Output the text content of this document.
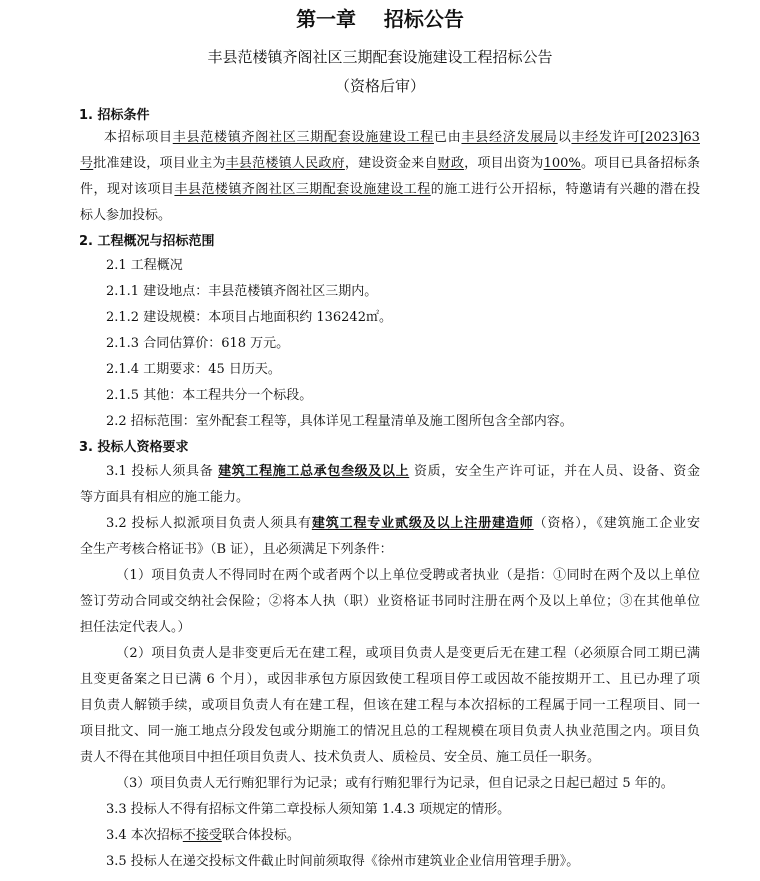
第一章    招标公告
丰县范楼镇齐阁社区三期配套设施建设工程招标公告
（资格后审）
1. 招标条件
本招标项目丰县范楼镇齐阁社区三期配套设施建设工程已由丰县经济发展局以丰经发许可[2023]63
号批准建设，项目业主为丰县范楼镇人民政府，建设资金来自财政，项目出资为100%。项目已具备招标条
件，现对该项目丰县范楼镇齐阁社区三期配套设施建设工程的施工进行公开招标，特邀请有兴趣的潜在投
标人参加投标。
2. 工程概况与招标范围
2.1 工程概况
2.1.1 建设地点：丰县范楼镇齐阁社区三期内。
2.1.2 建设规模：本项目占地面积约 136242㎡。
2.1.3 合同估算价：618 万元。
2.1.4 工期要求：45 日历天。
2.1.5 其他：本工程共分一个标段。
2.2 招标范围：室外配套工程等，具体详见工程量清单及施工图所包含全部内容。
3. 投标人资格要求
3.1 投标人须具备 建筑工程施工总承包叁级及以上 资质，安全生产许可证，并在人员、设备、资金
等方面具有相应的施工能力。
3.2 投标人拟派项目负责人须具有建筑工程专业贰级及以上注册建造师（资格），《建筑施工企业安
全生产考核合格证书》（B 证），且必须满足下列条件：
（1）项目负责人不得同时在两个或者两个以上单位受聘或者执业（是指：①同时在两个及以上单位
签订劳动合同或交纳社会保险；②将本人执（职）业资格证书同时注册在两个及以上单位；③在其他单位
担任法定代表人。）
（2）项目负责人是非变更后无在建工程，或项目负责人是变更后无在建工程（必须原合同工期已满
且变更备案之日已满 6 个月），或因非承包方原因致使工程项目停工或因故不能按期开工、且已办理了项
目负责人解锁手续，或项目负责人有在建工程，但该在建工程与本次招标的工程属于同一工程项目、同一
项目批文、同一施工地点分段发包或分期施工的情况且总的工程规模在项目负责人执业范围之内。项目负
责人不得在其他项目中担任项目负责人、技术负责人、质检员、安全员、施工员任一职务。
（3）项目负责人无行贿犯罪行为记录；或有行贿犯罪行为记录，但自记录之日起已超过 5 年的。
3.3 投标人不得有招标文件第二章投标人须知第 1.4.3 项规定的情形。
3.4 本次招标不接受联合体投标。
3.5 投标人在递交投标文件截止时间前须取得《徐州市建筑业企业信用管理手册》。
